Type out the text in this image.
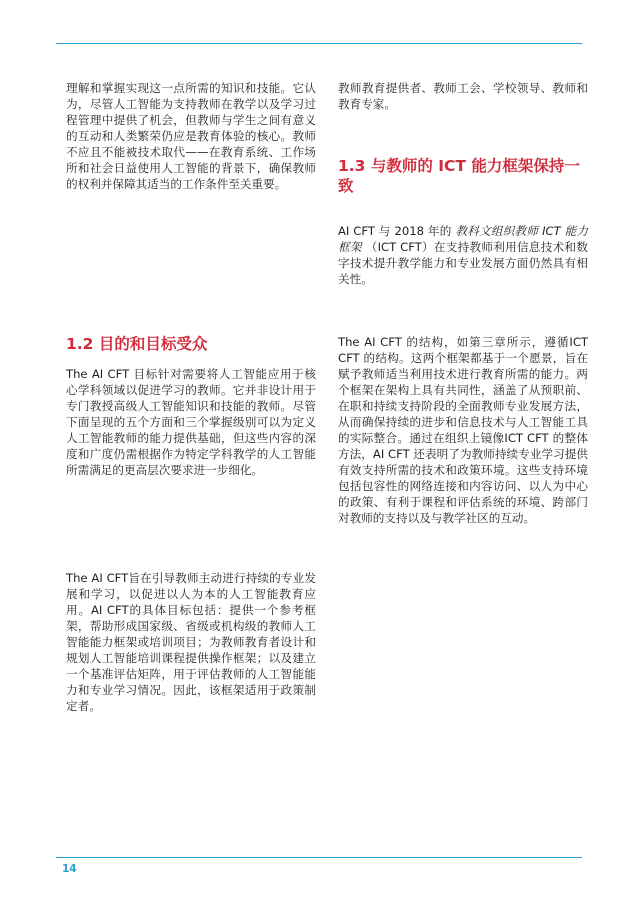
理解和掌握实现这一点所需的知识和技能。它认为，尽管人工智能为支持教师在教学以及学习过程管理中提供了机会，但教师与学生之间有意义的互动和人类繁荣仍应是教育体验的核心。教师不应且不能被技术取代——在教育系统、工作场所和社会日益使用人工智能的背景下，确保教师的权利并保障其适当的工作条件至关重要。

1.2 目的和目标受众

The AI CFT 目标针对需要将人工智能应用于核心学科领域以促进学习的教师。它并非设计用于专门教授高级人工智能知识和技能的教师。尽管下面呈现的五个方面和三个掌握级别可以为定义人工智能教师的能力提供基础，但这些内容的深度和广度仍需根据作为特定学科教学的人工智能所需满足的更高层次要求进一步细化。

The AI CFT旨在引导教师主动进行持续的专业发展和学习，以促进以人为本的人工智能教育应用。AI CFT的具体目标包括：提供一个参考框架，帮助形成国家级、省级或机构级的教师人工智能能力框架或培训项目；为教师教育者设计和规划人工智能培训课程提供操作框架；以及建立一个基准评估矩阵，用于评估教师的人工智能能力和专业学习情况。因此，该框架适用于政策制定者。

教师教育提供者、教师工会、学校领导、教师和教育专家。

1.3 与教师的 ICT 能力框架保持一致

AI CFT 与 2018 年的 教科文组织教师 ICT 能力框架 （ICT CFT）在支持教师利用信息技术和数字技术提升教学能力和专业发展方面仍然具有相关性。

The AI CFT 的结构，如第三章所示，遵循ICT CFT 的结构。这两个框架都基于一个愿景，旨在赋予教师适当利用技术进行教育所需的能力。两个框架在架构上具有共同性，涵盖了从预职前、在职和持续支持阶段的全面教师专业发展方法，从而确保持续的进步和信息技术与人工智能工具的实际整合。通过在组织上镜像ICT CFT 的整体方法，AI CFT 还表明了为教师持续专业学习提供有效支持所需的技术和政策环境。这些支持环境包括包容性的网络连接和内容访问、以人为中心的政策、有利于课程和评估系统的环境、跨部门对教师的支持以及与教学社区的互动。

14
